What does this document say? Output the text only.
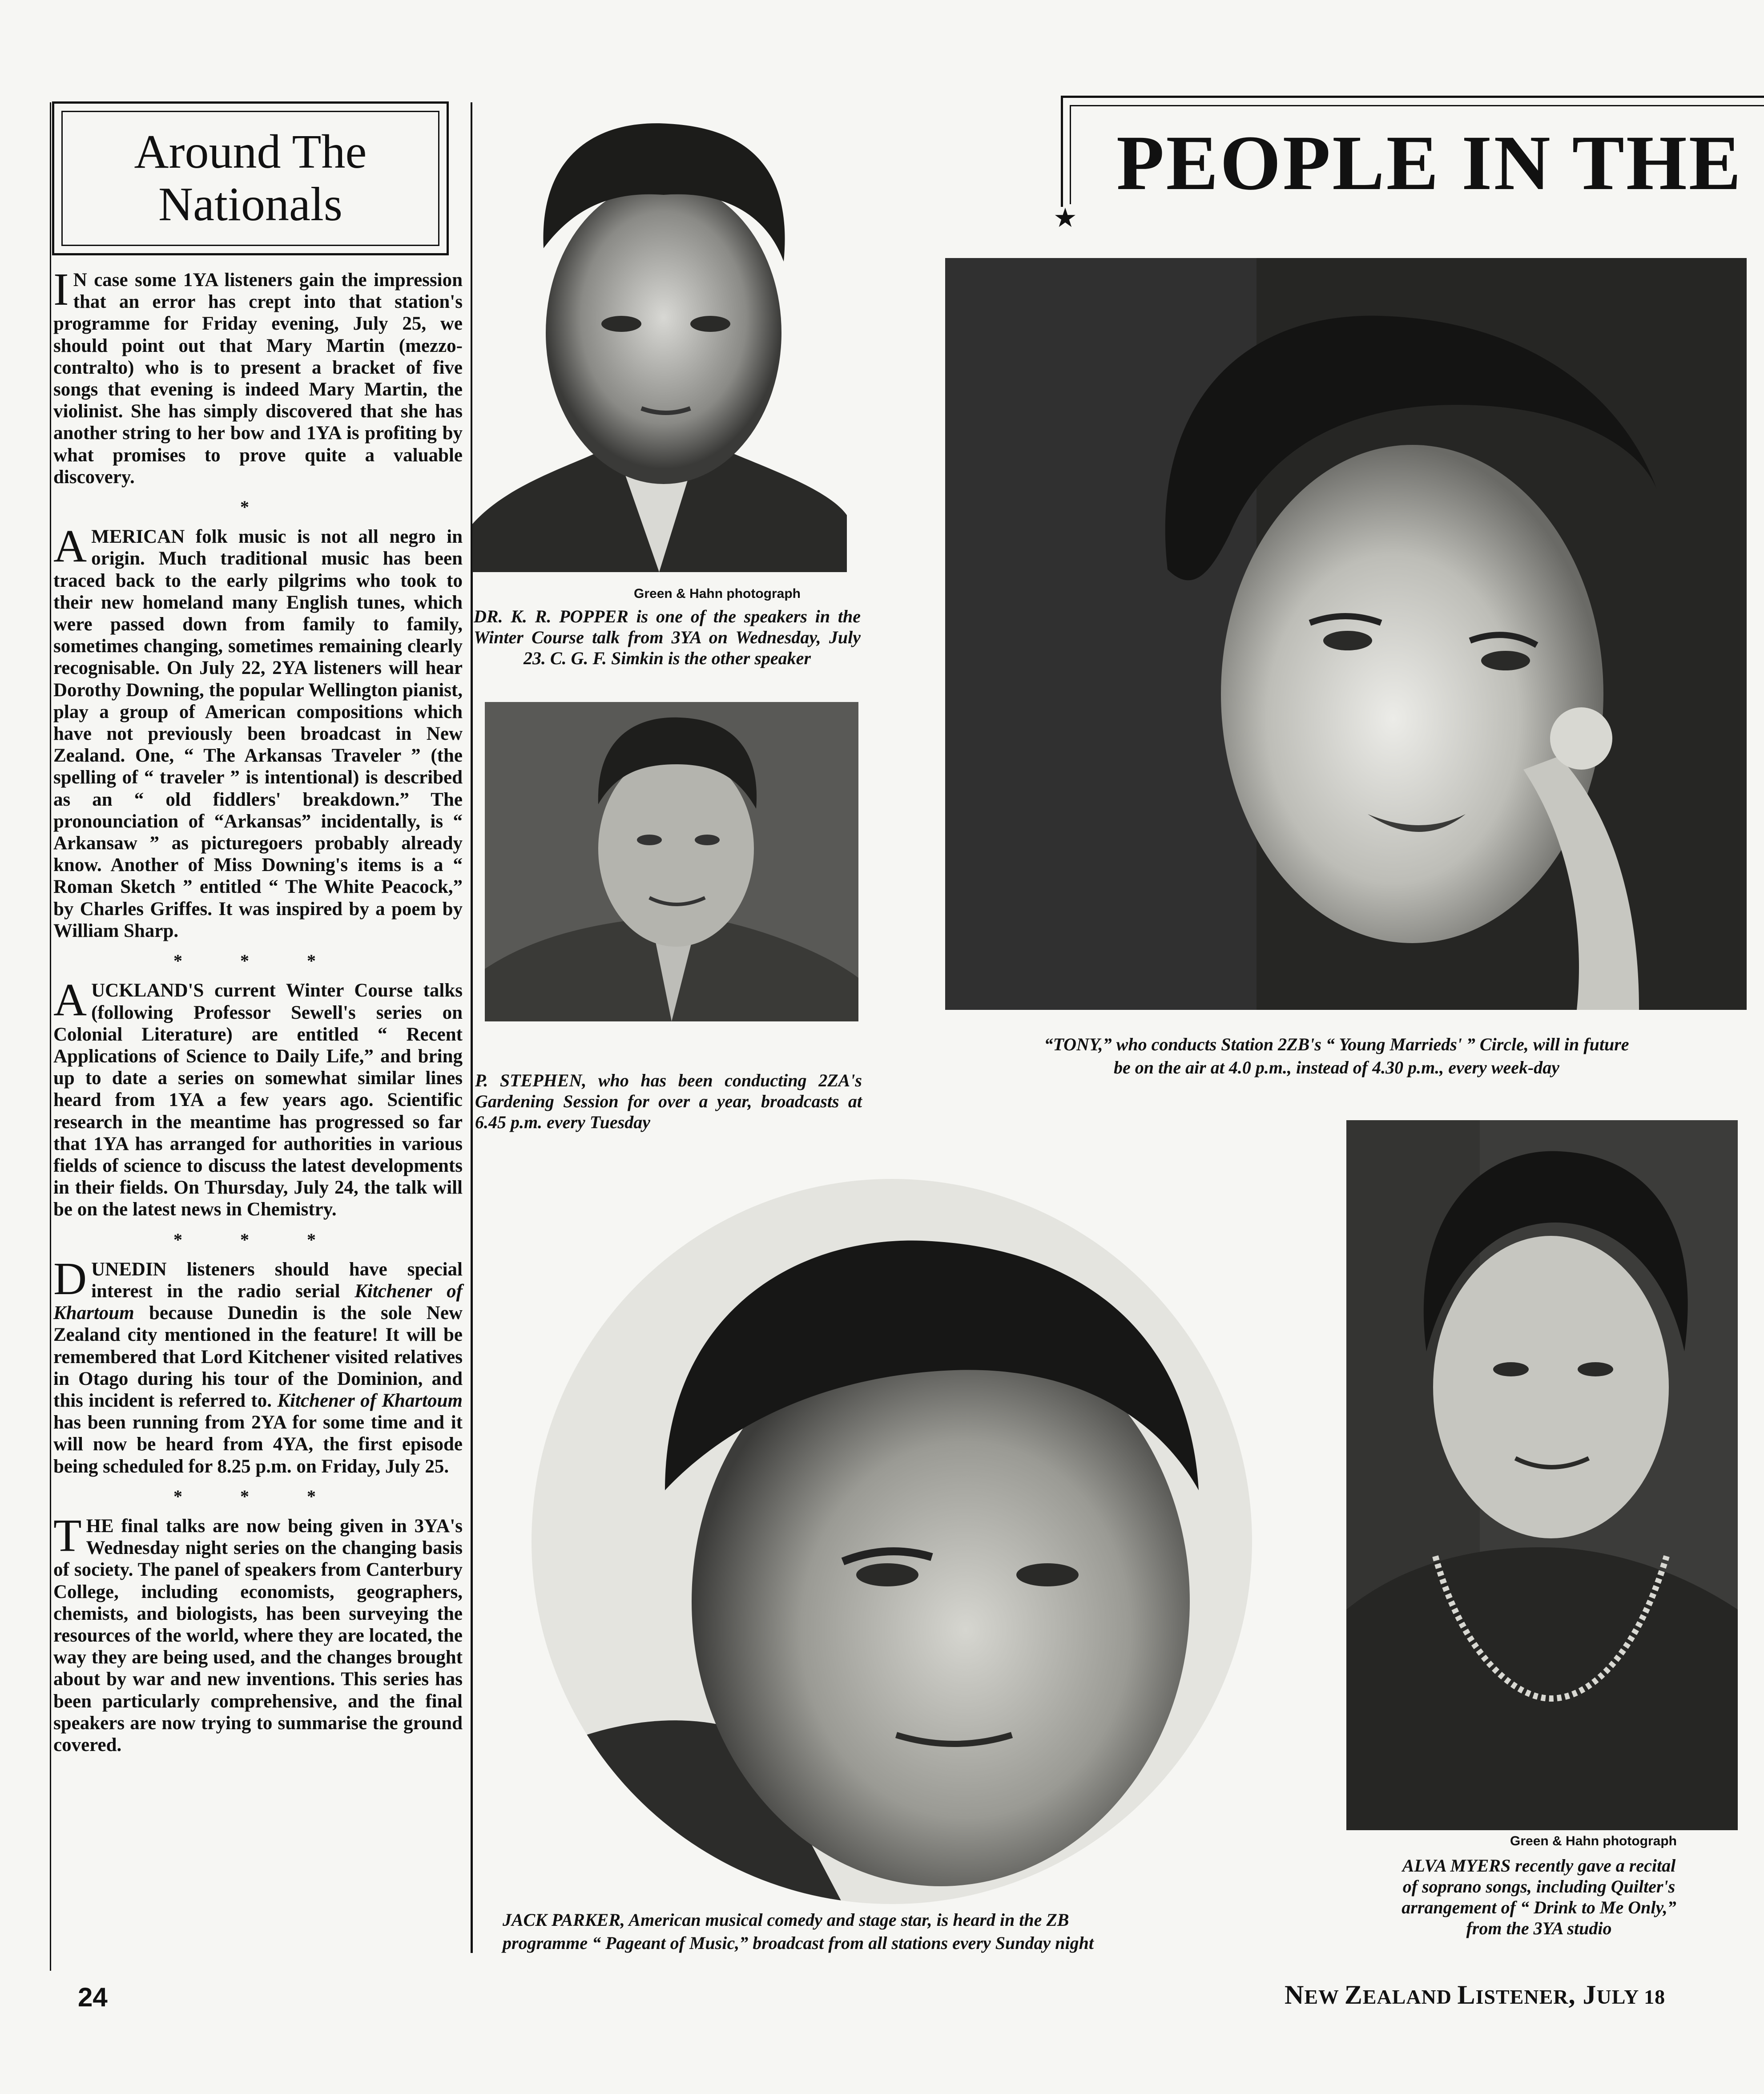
Around The
Nationals

I N case some 1YA listeners gain the impression that an error has crept into that station's programme for Friday evening, July 25, we should point out that Mary Martin (mezzo-contralto) who is to present a bracket of five songs that evening is indeed Mary Martin, the violinist. She has simply discovered that she has another string to her bow and 1YA is profiting by what promises to prove quite a valuable discovery.

*

AMERICAN folk music is not all negro in origin. Much traditional music has been traced back to the early pilgrims who took to their new homeland many English tunes, which were passed down from family to family, sometimes changing, sometimes remaining clearly recognisable. On July 22, 2YA listeners will hear Dorothy Downing, the popular Wellington pianist, play a group of American compositions which have not previously been broadcast in New Zealand. One, “ The Arkansas Traveler ” (the spelling of “ traveler ” is intentional) is described as an “ old fiddlers' breakdown.” The pronounciation of “Arkansas” incidentally, is “ Arkansaw ” as picturegoers probably already know. Another of Miss Downing's items is a “ Roman Sketch ” entitled “ The White Peacock,” by Charles Griffes. It was inspired by a poem by William Sharp.

* * *

AUCKLAND'S current Winter Course talks (following Professor Sewell's series on Colonial Literature) are entitled “ Recent Applications of Science to Daily Life,” and bring up to date a series on somewhat similar lines heard from 1YA a few years ago. Scientific research in the meantime has progressed so far that 1YA has arranged for authorities in various fields of science to discuss the latest developments in their fields. On Thursday, July 24, the talk will be on the latest news in Chemistry.

* * *

DUNEDIN listeners should have special interest in the radio serial Kitchener of Khartoum because Dunedin is the sole New Zealand city mentioned in the feature! It will be remembered that Lord Kitchener visited relatives in Otago during his tour of the Dominion, and this incident is referred to. Kitchener of Khartoum has been running from 2YA for some time and it will now be heard from 4YA, the first episode being scheduled for 8.25 p.m. on Friday, July 25.

* * *

THE final talks are now being given in 3YA's Wednesday night series on the changing basis of society. The panel of speakers from Canterbury College, including economists, geographers, chemists, and biologists, has been surveying the resources of the world, where they are located, the way they are being used, and the changes brought about by war and new inventions. This series has been particularly comprehensive, and the final speakers are now trying to summarise the ground covered.

PEOPLE IN THE
★
Green & Hahn photograph
DR. K. R. POPPER is one of the speakers in the Winter Course talk from 3YA on Wednesday, July 23. C. G. F. Simkin is the other speaker
P. STEPHEN, who has been conducting 2ZA's Gardening Session for over a year, broadcasts at 6.45 p.m. every Tuesday
“TONY,” who conducts Station 2ZB's “ Young Marrieds' ” Circle, will in future
be on the air at 4.0 p.m., instead of 4.30 p.m., every week-day
JACK PARKER, American musical comedy and stage star, is heard in the ZB
programme “ Pageant of Music,” broadcast from all stations every Sunday night
Green & Hahn photograph
ALVA MYERS recently gave a recital
of soprano songs, including Quilter's
arrangement of “ Drink to Me Only,”
from the 3YA studio
24	NEW ZEALAND LISTENER, JULY 18
